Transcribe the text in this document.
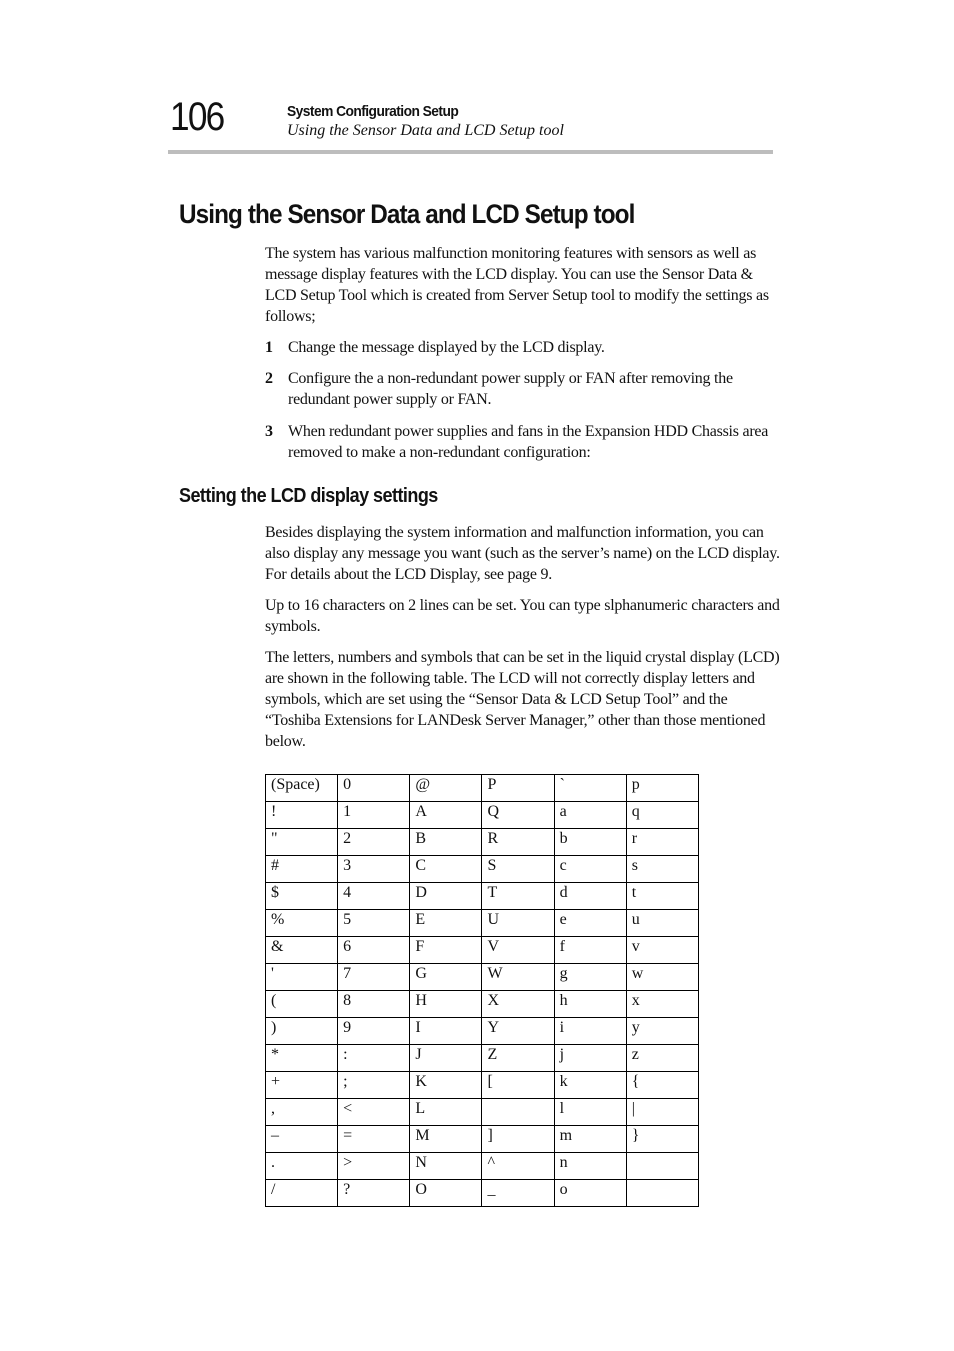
106	System Configuration Setup
Using the Sensor Data and LCD Setup tool
Using the Sensor Data and LCD Setup tool

The system has various malfunction monitoring features with sensors as well as message display features with the LCD display. You can use the Sensor Data & LCD Setup Tool which is created from Server Setup tool to modify the settings as follows;

1 Change the message displayed by the LCD display.
2 Configure the a non-redundant power supply or FAN after removing the redundant power supply or FAN.
3 When redundant power supplies and fans in the Expansion HDD Chassis area removed to make a non-redundant configuration:
Setting the LCD display settings

Besides displaying the system information and malfunction information, you can also display any message you want (such as the server’s name) on the LCD display. For details about the LCD Display, see page 9.

Up to 16 characters on 2 lines can be set. You can type slphanumeric characters and symbols.

The letters, numbers and symbols that can be set in the liquid crystal display (LCD) are shown in the following table. The LCD will not correctly display letters and symbols, which are set using the “Sensor Data & LCD Setup Tool” and the “Toshiba Extensions for LANDesk Server Manager,” other than those mentioned below.

(Space)	0	@	P	`	p
!	1	A	Q	a	q
"	2	B	R	b	r
#	3	C	S	c	s
$	4	D	T	d	t
%	5	E	U	e	u
&	6	F	V	f	v
'	7	G	W	g	w
(	8	H	X	h	x
)	9	I	Y	i	y
*	:	J	Z	j	z
+	;	K	[	k	{
,	<	L		l	|
–	=	M	]	m	}
.	>	N	^	n	
/	?	O	_	o	
